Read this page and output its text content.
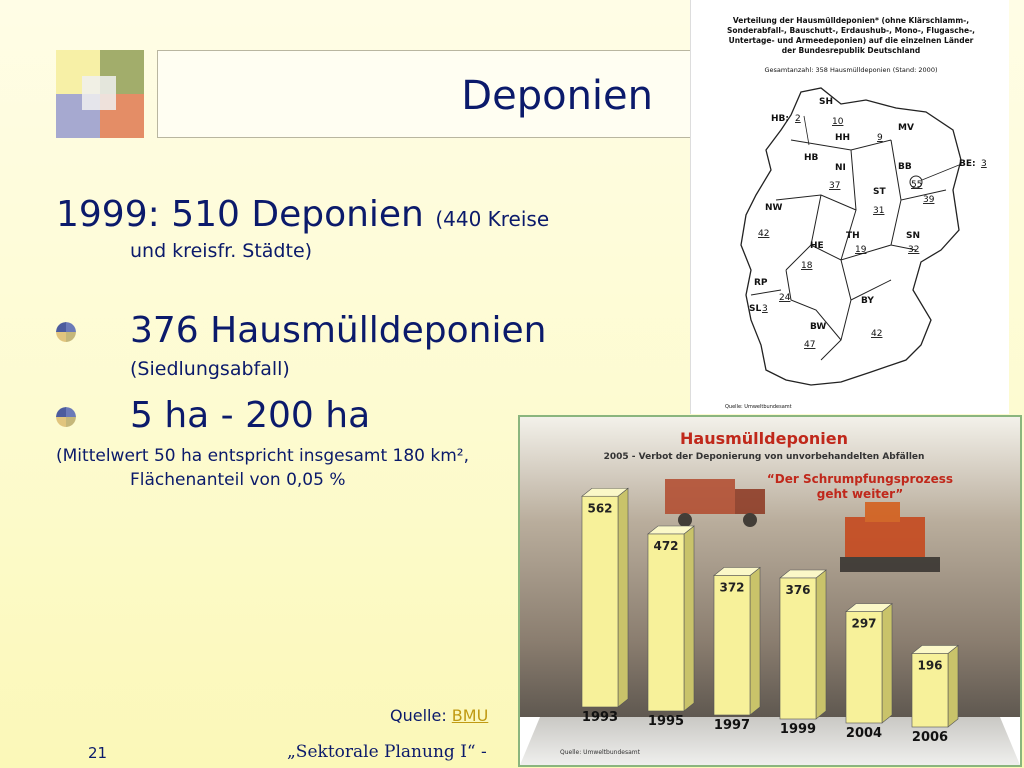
Deponien
1999: 510 Deponien (440 Kreise
und kreisfr. Städte)
376 Hausmülldeponien
(Siedlungsabfall)
5 ha - 200 ha
(Mittelwert 50 ha entspricht insgesamt 180 km²,
Flächenanteil von 0,05 %
Quelle: BMU
21	„Sektorale Planung I“ -
Verteilung der Hausmülldeponien* (ohne Klärschlamm-,
Sonderabfall-, Bauschutt-, Erdaushub-, Mono-, Flugasche-,
Untertage- und Armeedeponien) auf die einzelnen Länder
der Bundesrepublik Deutschland
Gesamtanzahl: 358 Hausmülldeponien (Stand: 2000)
SH
10
HB: 2
HH
MV
9
HB
NI
37
BB
55
BE: 3
ST
31
39
NW
42	TH
19
SN
32
HE
18
RP
24
SL 3
BY
42
BW
47
Quelle: Umweltbundesamt
Hausmülldeponien
2005 - Verbot der Deponierung von unvorbehandelten Abfällen
“Der Schrumpfungsprozess
geht weiter”
562
1993
472
1995
372
1997
376
1999
297
2004
196
2006
Quelle: Umweltbundesamt
